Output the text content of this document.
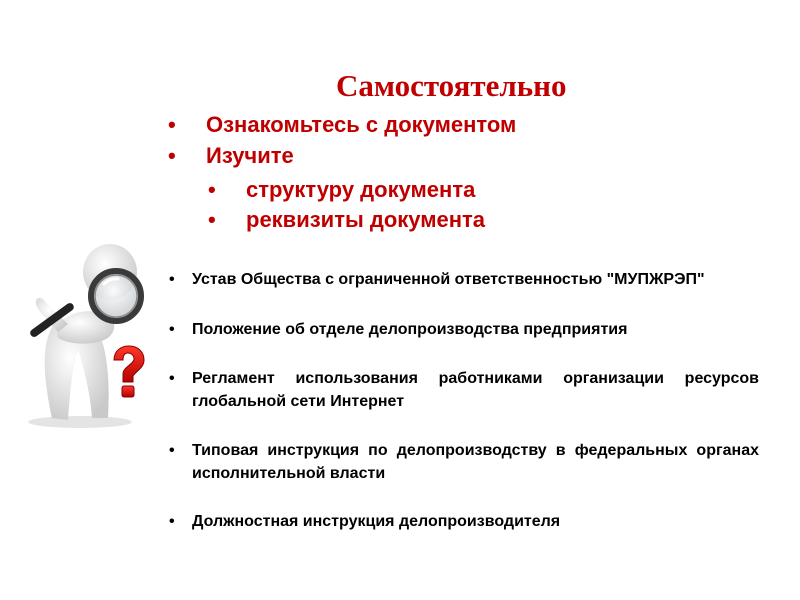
Самостоятельно
• Ознакомьтесь с документом
• Изучите
• структуру документа
• реквизиты документа
• Устав Общества с ограниченной ответственностью "МУПЖРЭП"
• Положение об отделе делопроизводства предприятия
• Регламент использования работниками организации ресурсов глобальной сети Интернет
• Типовая инструкция по делопроизводству в федеральных органах исполнительной власти
• Должностная инструкция делопроизводителя
